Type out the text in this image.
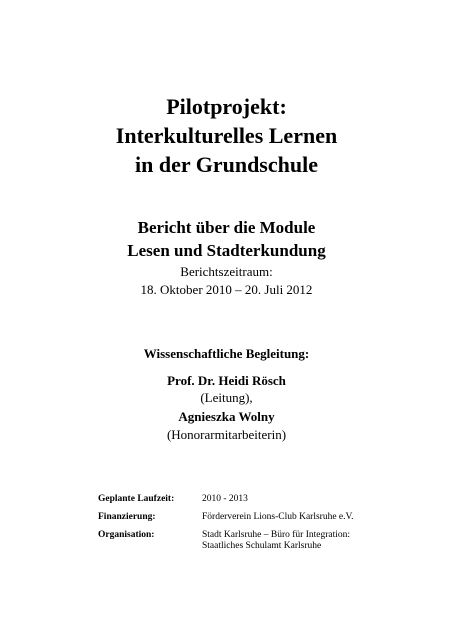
Pilotprojekt:
Interkulturelles Lernen
in der Grundschule
Bericht über die Module
Lesen und Stadterkundung
Berichtszeitraum:
18. Oktober 2010 – 20. Juli 2012
Wissenschaftliche Begleitung:
Prof. Dr. Heidi Rösch
(Leitung),
Agnieszka Wolny
(Honorarmitarbeiterin)
Geplante Laufzeit:	2010 - 2013
Finanzierung:	Förderverein Lions-Club Karlsruhe e.V.
Organisation:	Stadt Karlsruhe – Büro für Integration:
Staatliches Schulamt Karlsruhe
